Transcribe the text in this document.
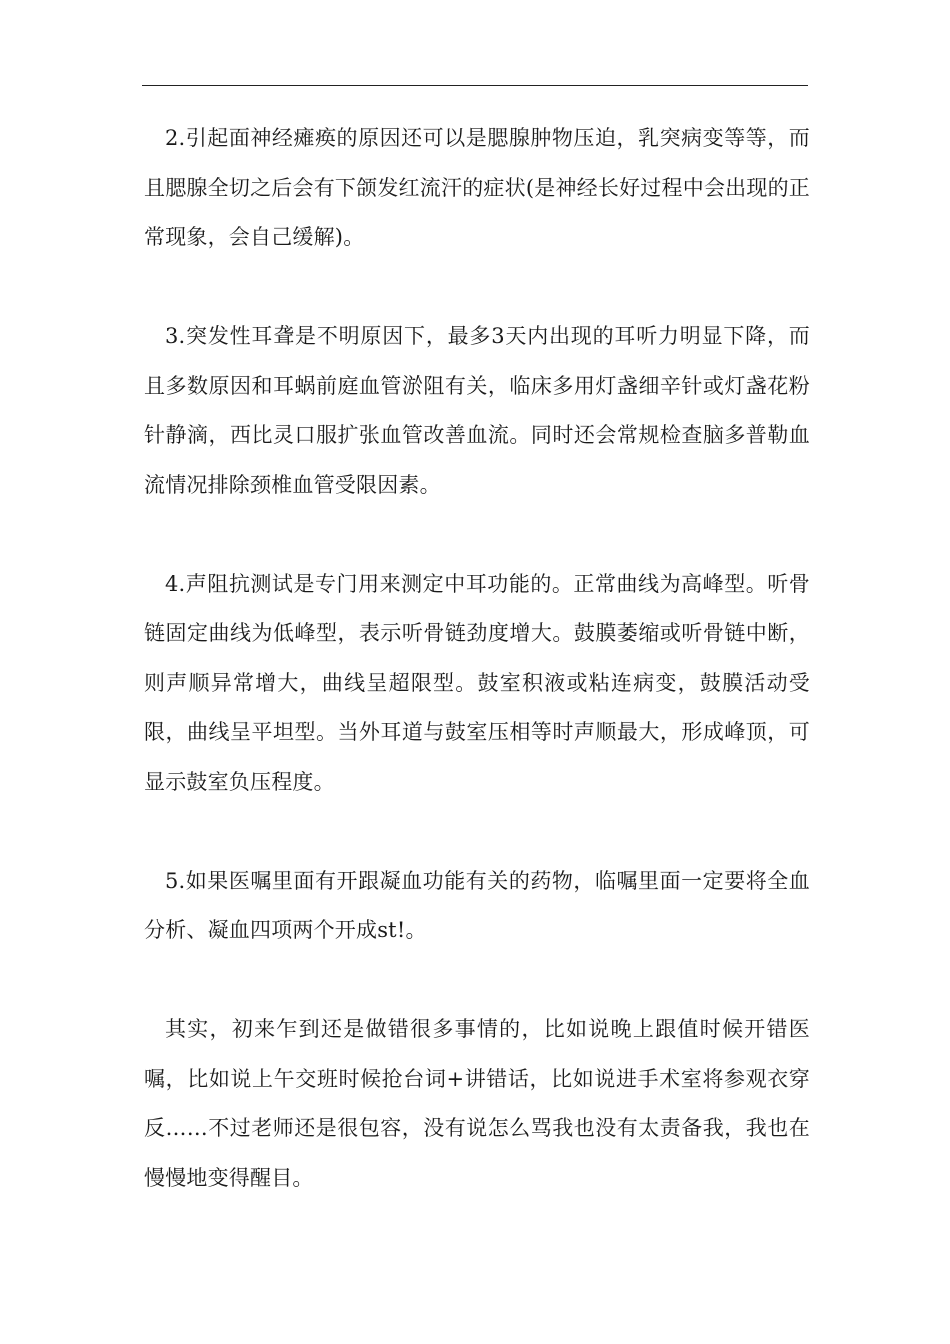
2.引起面神经瘫痪的原因还可以是腮腺肿物压迫，乳突病变等等，而且腮腺全切之后会有下颌发红流汗的症状(是神经长好过程中会出现的正常现象，会自己缓解)。

3.突发性耳聋是不明原因下，最多3天内出现的耳听力明显下降，而且多数原因和耳蜗前庭血管淤阻有关，临床多用灯盏细辛针或灯盏花粉针静滴，西比灵口服扩张血管改善血流。同时还会常规检查脑多普勒血流情况排除颈椎血管受限因素。

4.声阻抗测试是专门用来测定中耳功能的。正常曲线为高峰型。听骨链固定曲线为低峰型，表示听骨链劲度增大。鼓膜萎缩或听骨链中断，则声顺异常增大，曲线呈超限型。鼓室积液或粘连病变，鼓膜活动受限，曲线呈平坦型。当外耳道与鼓室压相等时声顺最大，形成峰顶，可显示鼓室负压程度。

5.如果医嘱里面有开跟凝血功能有关的药物，临嘱里面一定要将全血分析、凝血四项两个开成st!。

其实，初来乍到还是做错很多事情的，比如说晚上跟值时候开错医嘱，比如说上午交班时候抢台词+讲错话，比如说进手术室将参观衣穿反……不过老师还是很包容，没有说怎么骂我也没有太责备我，我也在慢慢地变得醒目。
